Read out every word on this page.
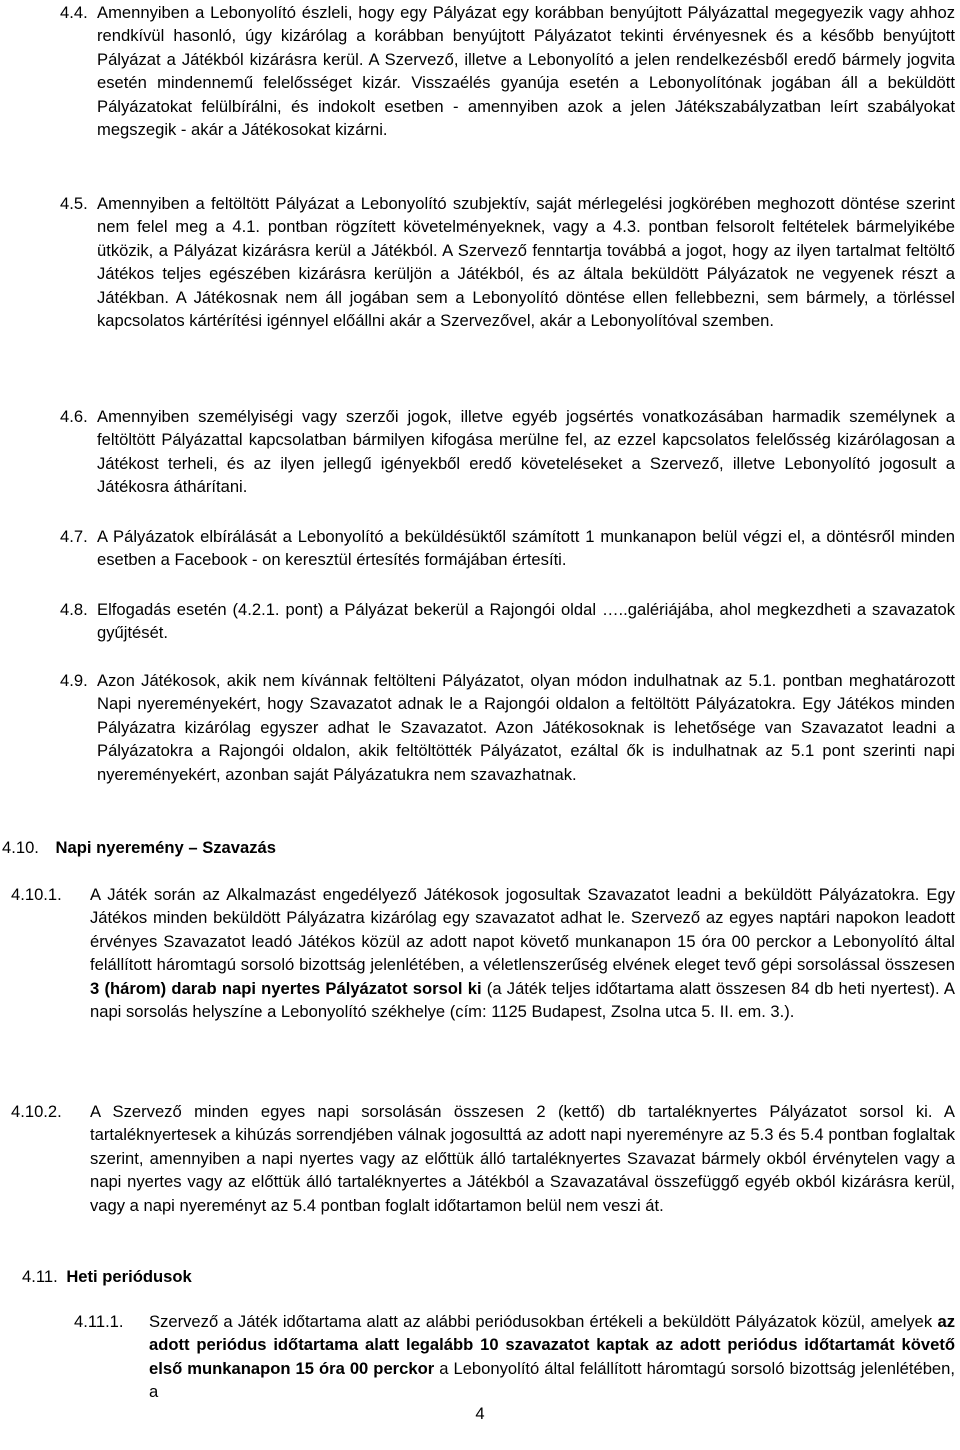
4.4. Amennyiben a Lebonyolító észleli, hogy egy Pályázat egy korábban benyújtott Pályázattal megegyezik vagy ahhoz rendkívül hasonló, úgy kizárólag a korábban benyújtott Pályázatot tekinti érvényesnek és a később benyújtott Pályázat a Játékból kizárásra kerül. A Szervező, illetve a Lebonyolító a jelen rendelkezésből eredő bármely jogvita esetén mindennemű felelősséget kizár. Visszaélés gyanúja esetén a Lebonyolítónak jogában áll a beküldött Pályázatokat felülbírálni, és indokolt esetben - amennyiben azok a jelen Játékszabályzatban leírt szabályokat megszegik - akár a Játékosokat kizárni.
4.5. Amennyiben a feltöltött Pályázat a Lebonyolító szubjektív, saját mérlegelési jogkörében meghozott döntése szerint nem felel meg a 4.1. pontban rögzített követelményeknek, vagy a 4.3. pontban felsorolt feltételek bármelyikébe ütközik, a Pályázat kizárásra kerül a Játékból. A Szervező fenntartja továbbá a jogot, hogy az ilyen tartalmat feltöltő Játékos teljes egészében kizárásra kerüljön a Játékból, és az általa beküldött Pályázatok ne vegyenek részt a Játékban. A Játékosnak nem áll jogában sem a Lebonyolító döntése ellen fellebbezni, sem bármely, a törléssel kapcsolatos kártérítési igénnyel előállni akár a Szervezővel, akár a Lebonyolítóval szemben.
4.6. Amennyiben személyiségi vagy szerzői jogok, illetve egyéb jogsértés vonatkozásában harmadik személynek a feltöltött Pályázattal kapcsolatban bármilyen kifogása merülne fel, az ezzel kapcsolatos felelősség kizárólagosan a Játékost terheli, és az ilyen jellegű igényekből eredő követeléseket a Szervező, illetve Lebonyolító jogosult a Játékosra áthárítani.
4.7. A Pályázatok elbírálását a Lebonyolító a beküldésüktől számított 1 munkanapon belül végzi el, a döntésről minden esetben a Facebook - on keresztül értesítés formájában értesíti.
4.8. Elfogadás esetén (4.2.1. pont) a Pályázat bekerül a Rajongói oldal …..galériájába, ahol megkezdheti a szavazatok gyűjtését.
4.9. Azon Játékosok, akik nem kívánnak feltölteni Pályázatot, olyan módon indulhatnak az 5.1. pontban meghatározott Napi nyereményekért, hogy Szavazatot adnak le a Rajongói oldalon a feltöltött Pályázatokra. Egy Játékos minden Pályázatra kizárólag egyszer adhat le Szavazatot. Azon Játékosoknak is lehetősége van Szavazatot leadni a Pályázatokra a Rajongói oldalon, akik feltöltötték Pályázatot, ezáltal ők is indulhatnak az 5.1 pont szerinti napi nyereményekért, azonban saját Pályázatukra nem szavazhatnak.
4.10. Napi nyeremény – Szavazás
4.10.1. A Játék során az Alkalmazást engedélyező Játékosok jogosultak Szavazatot leadni a beküldött Pályázatokra. Egy Játékos minden beküldött Pályázatra kizárólag egy szavazatot adhat le. Szervező az egyes naptári napokon leadott érvényes Szavazatot leadó Játékos közül az adott napot követő munkanapon 15 óra 00 perckor a Lebonyolító által felállított háromtagú sorsoló bizottság jelenlétében, a véletlenszerűség elvének eleget tevő gépi sorsolással összesen 3 (három) darab napi nyertes Pályázatot sorsol ki (a Játék teljes időtartama alatt összesen 84 db heti nyertest). A napi sorsolás helyszíne a Lebonyolító székhelye (cím: 1125 Budapest, Zsolna utca 5. II. em. 3.).
4.10.2. A Szervező minden egyes napi sorsolásán összesen 2 (kettő) db tartaléknyertes Pályázatot sorsol ki. A tartaléknyertesek a kihúzás sorrendjében válnak jogosulttá az adott napi nyereményre az 5.3 és 5.4 pontban foglaltak szerint, amennyiben a napi nyertes vagy az előttük álló tartaléknyertes Szavazat bármely okból érvénytelen vagy a napi nyertes vagy az előttük álló tartaléknyertes a Játékból a Szavazatával összefüggő egyéb okból kizárásra kerül, vagy a napi nyereményt az 5.4 pontban foglalt időtartamon belül nem veszi át.
4.11. Heti periódusok
4.11.1. Szervező a Játék időtartama alatt az alábbi periódusokban értékeli a beküldött Pályázatok közül, amelyek az adott periódus időtartama alatt legalább 10 szavazatot kaptak az adott periódus időtartamát követő első munkanapon 15 óra 00 perckor a Lebonyolító által felállított háromtagú sorsoló bizottság jelenlétében, a
4
